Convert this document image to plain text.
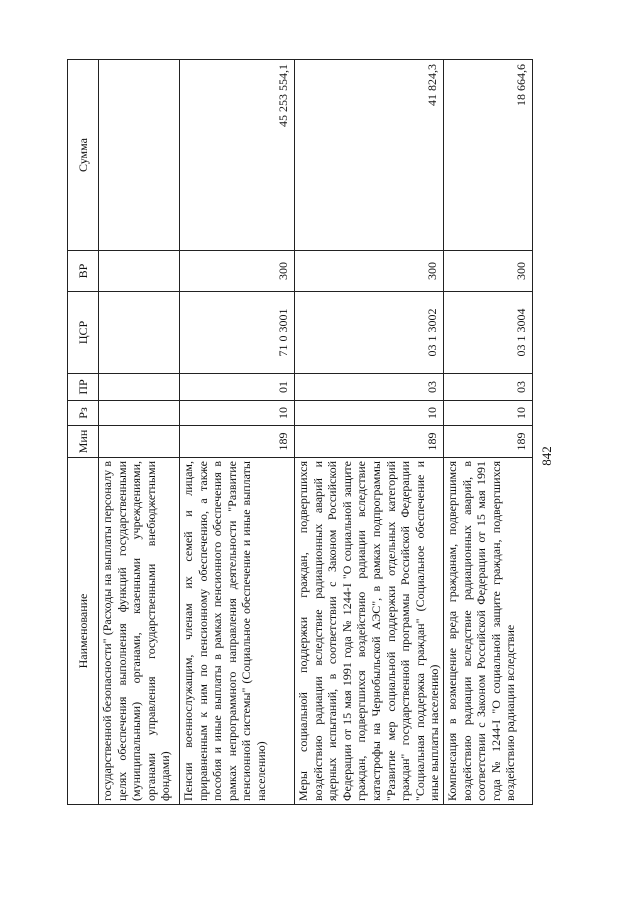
842
Наименование	Мин	Рз	ПР	ЦСР	ВР	Сумма
государственной безопасности" (Расходы на выплаты персоналу в целях обеспечения выполнения функций государственными (муниципальными) органами, казенными учреждениями, органами управления государственными внебюджетными фондами)						
Пенсии военнослужащим, членам их семей и лицам, приравненным к ним по пенсионному обеспечению, а также пособия и иные выплаты в рамках пенсионного обеспечения в рамках непрограммного направления деятельности "Развитие пенсионной системы" (Социальное обеспечение и иные выплаты населению)	189	10	01	71 0 3001	300	45 253 554,1
Меры социальной поддержки граждан, подвергшихся воздействию радиации вследствие радиационных аварий и ядерных испытаний, в соответствии с Законом Российской Федерации от 15 мая 1991 года № 1244-I "О социальной защите граждан, подвергшихся воздействию радиации вследствие катастрофы на Чернобыльской АЭС", в рамках подпрограммы "Развитие мер социальной поддержки отдельных категорий граждан" государственной программы Российской Федерации "Социальная поддержка граждан" (Социальное обеспечение и иные выплаты населению)	189	10	03	03 1 3002	300	41 824,3
Компенсация в возмещение вреда гражданам, подвергшимся воздействию радиации вследствие радиационных аварий, в соответствии с Законом Российской Федерации от 15 мая 1991 года № 1244-I "О социальной защите граждан, подвергшихся воздействию радиации вследствие	189	10	03	03 1 3004	300	18 664,6
